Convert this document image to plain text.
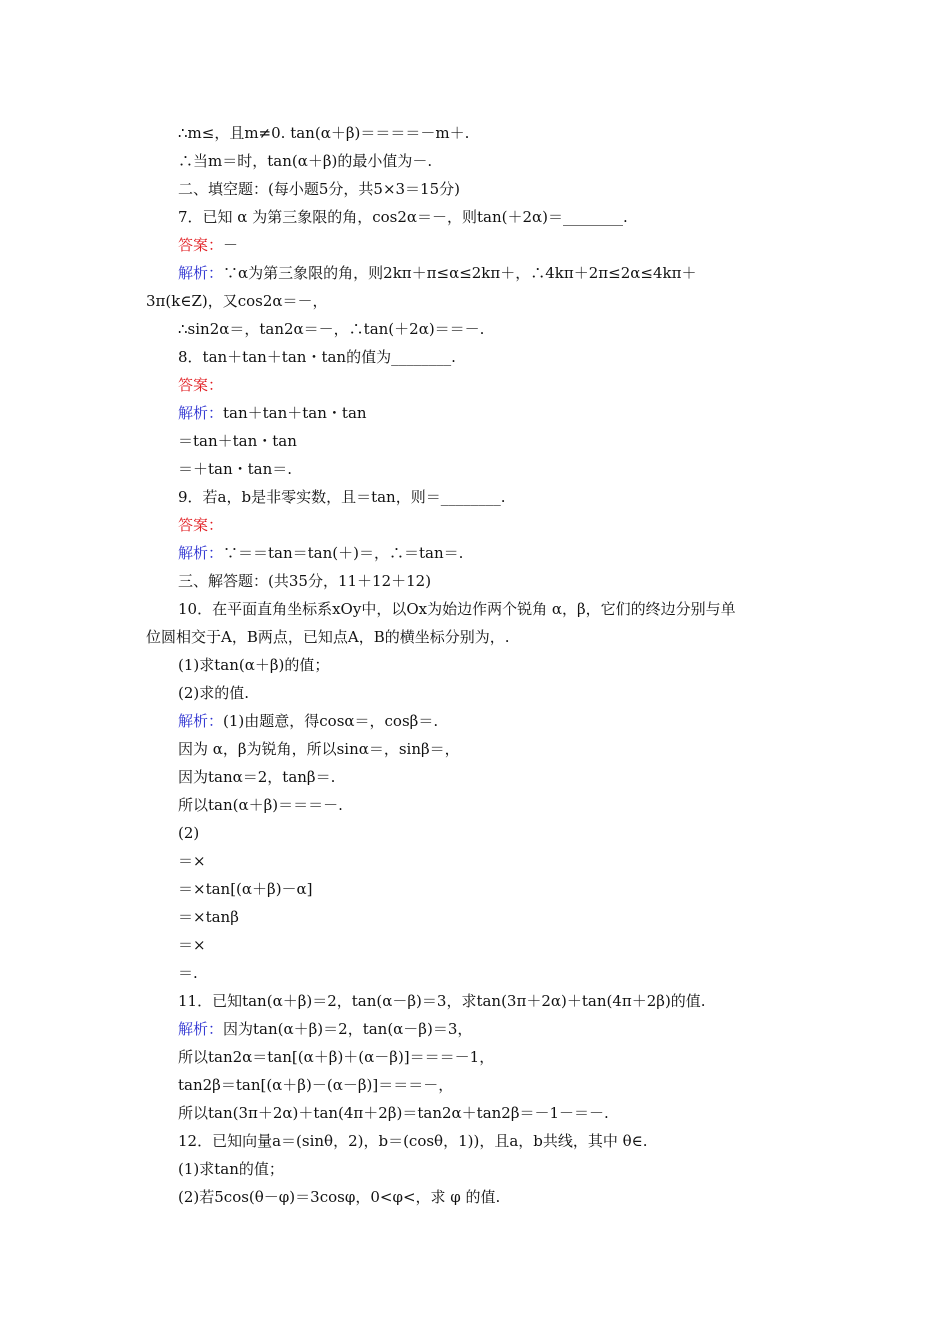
∴m≤，且m≠0. tan(α＋β)＝＝＝＝－m＋.
∴当m＝时，tan(α＋β)的最小值为－.
二、填空题：(每小题5分，共5×3＝15分)
7．已知 α 为第三象限的角，cos2α＝－，则tan(＋2α)＝________.
答案：－
解析：∵α为第三象限的角，则2kπ＋π≤α≤2kπ＋，∴4kπ＋2π≤2α≤4kπ＋
3π(k∈Z)，又cos2α＝－，
∴sin2α＝，tan2α＝－，∴tan(＋2α)＝＝－.
8．tan＋tan＋tan・tan的值为________.
答案：
解析：tan＋tan＋tan・tan
＝tan＋tan・tan
＝＋tan・tan＝.
9．若a，b是非零实数，且＝tan，则＝________.
答案：
解析：∵＝＝tan＝tan(＋)＝，∴＝tan＝.
三、解答题：(共35分，11＋12＋12)
10．在平面直角坐标系xOy中，以Ox为始边作两个锐角 α，β，它们的终边分别与单
位圆相交于A，B两点，已知点A，B的横坐标分别为，.
(1)求tan(α＋β)的值；
(2)求的值.
解析：(1)由题意，得cosα＝，cosβ＝.
因为 α，β为锐角，所以sinα＝，sinβ＝，
因为tanα＝2，tanβ＝.
所以tan(α＋β)＝＝＝－.
(2)
＝×
＝×tan[(α＋β)－α]
＝×tanβ
＝×
＝.
11．已知tan(α＋β)＝2，tan(α－β)＝3，求tan(3π＋2α)＋tan(4π＋2β)的值.
解析：因为tan(α＋β)＝2，tan(α－β)＝3，
所以tan2α＝tan[(α＋β)＋(α－β)]＝＝＝－1，
tan2β＝tan[(α＋β)－(α－β)]＝＝＝－，
所以tan(3π＋2α)＋tan(4π＋2β)＝tan2α＋tan2β＝－1－＝－.
12．已知向量a＝(sinθ，2)，b＝(cosθ，1))，且a，b共线，其中 θ∈.
(1)求tan的值；
(2)若5cos(θ－φ)＝3cosφ，0<φ<，求 φ 的值.
